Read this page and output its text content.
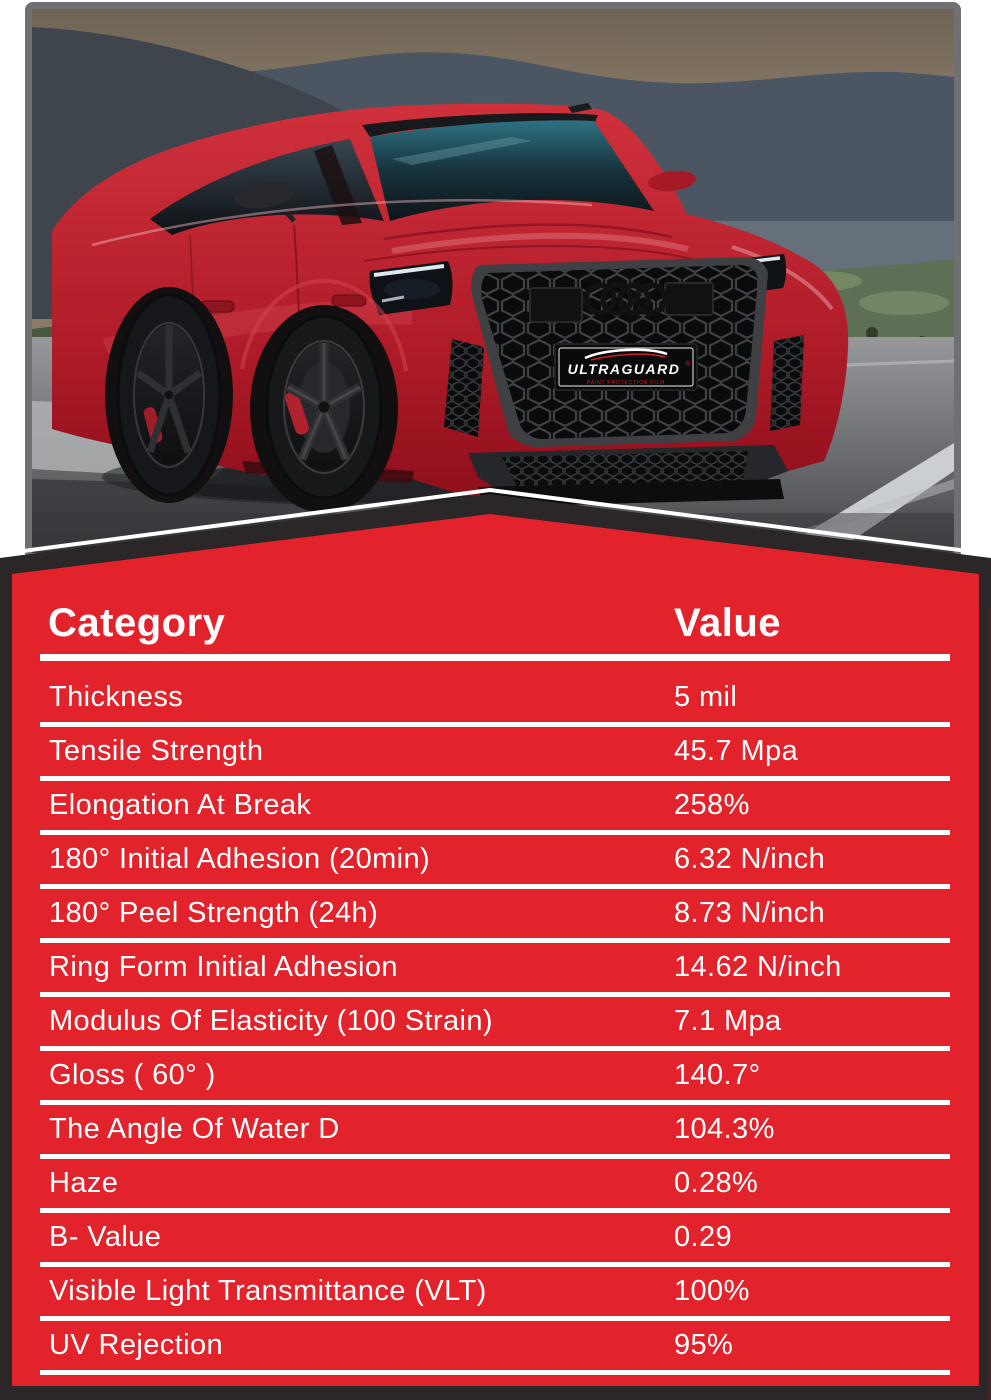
ULTRAGUARD ®
PAINT PROTECTION FILM
Category	Value
Thickness	5 mil
Tensile Strength	45.7 Mpa
Elongation At Break	258%
180° Initial Adhesion (20min)	6.32 N/inch
180° Peel Strength (24h)	8.73 N/inch
Ring Form Initial Adhesion	14.62 N/inch
Modulus Of Elasticity (100 Strain)	7.1 Mpa
Gloss ( 60° )	140.7°
The Angle Of Water D	104.3%
Haze	0.28%
B- Value	0.29
Visible Light Transmittance (VLT)	100%
UV Rejection	95%
